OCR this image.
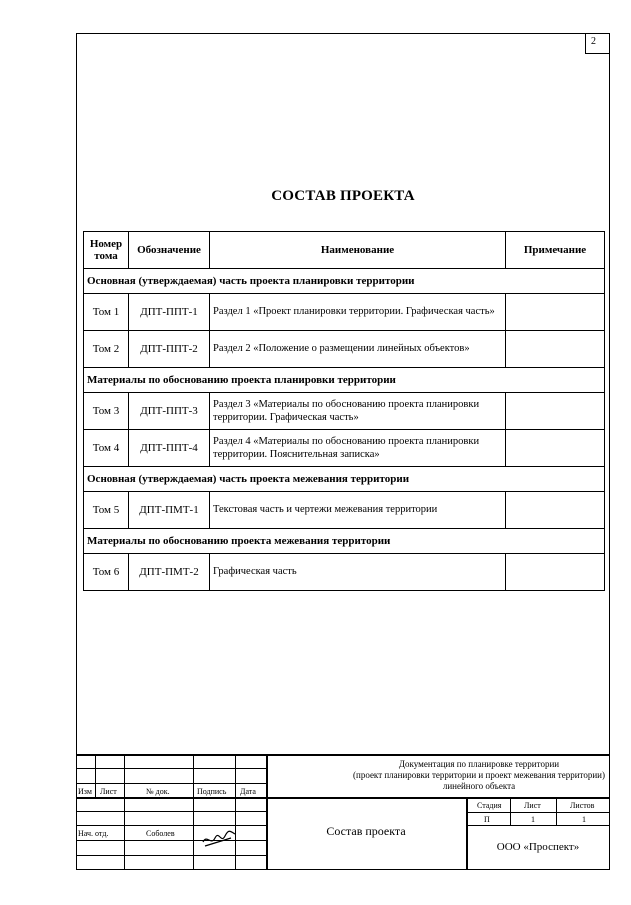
2
СОСТАВ ПРОЕКТА
Номер тома	Обозначение	Наименование	Примечание
Основная (утверждаемая) часть проекта планировки территории			
Том 1	ДПТ-ППТ-1	Раздел 1 «Проект планировки территории. Графическая часть»	
Том 2	ДПТ-ППТ-2	Раздел 2 «Положение о размещении линейных объектов»	
Материалы по обоснованию проекта планировки территории			
Том 3	ДПТ-ППТ-3	Раздел 3 «Материалы по обоснованию проекта планировки территории. Графическая часть»	
Том 4	ДПТ-ППТ-4	Раздел 4 «Материалы по обоснованию проекта планировки территории. Пояснительная записка»	
Основная (утверждаемая) часть проекта межевания территории			
Том 5	ДПТ-ПМТ-1	Текстовая часть и чертежи межевания территории	
Материалы по обоснованию проекта межевания территории			
Том 6	ДПТ-ПМТ-2	Графическая часть	
Изм Лист	№ док.	Подпись Дата
Нач. отд.	Соболев
Документация по планировке территории
(проект планировки территории и проект межевания территории)
линейного объекта
Состав проекта
Стадия	Лист	Листов
П	1	1
ООО «Проспект»
